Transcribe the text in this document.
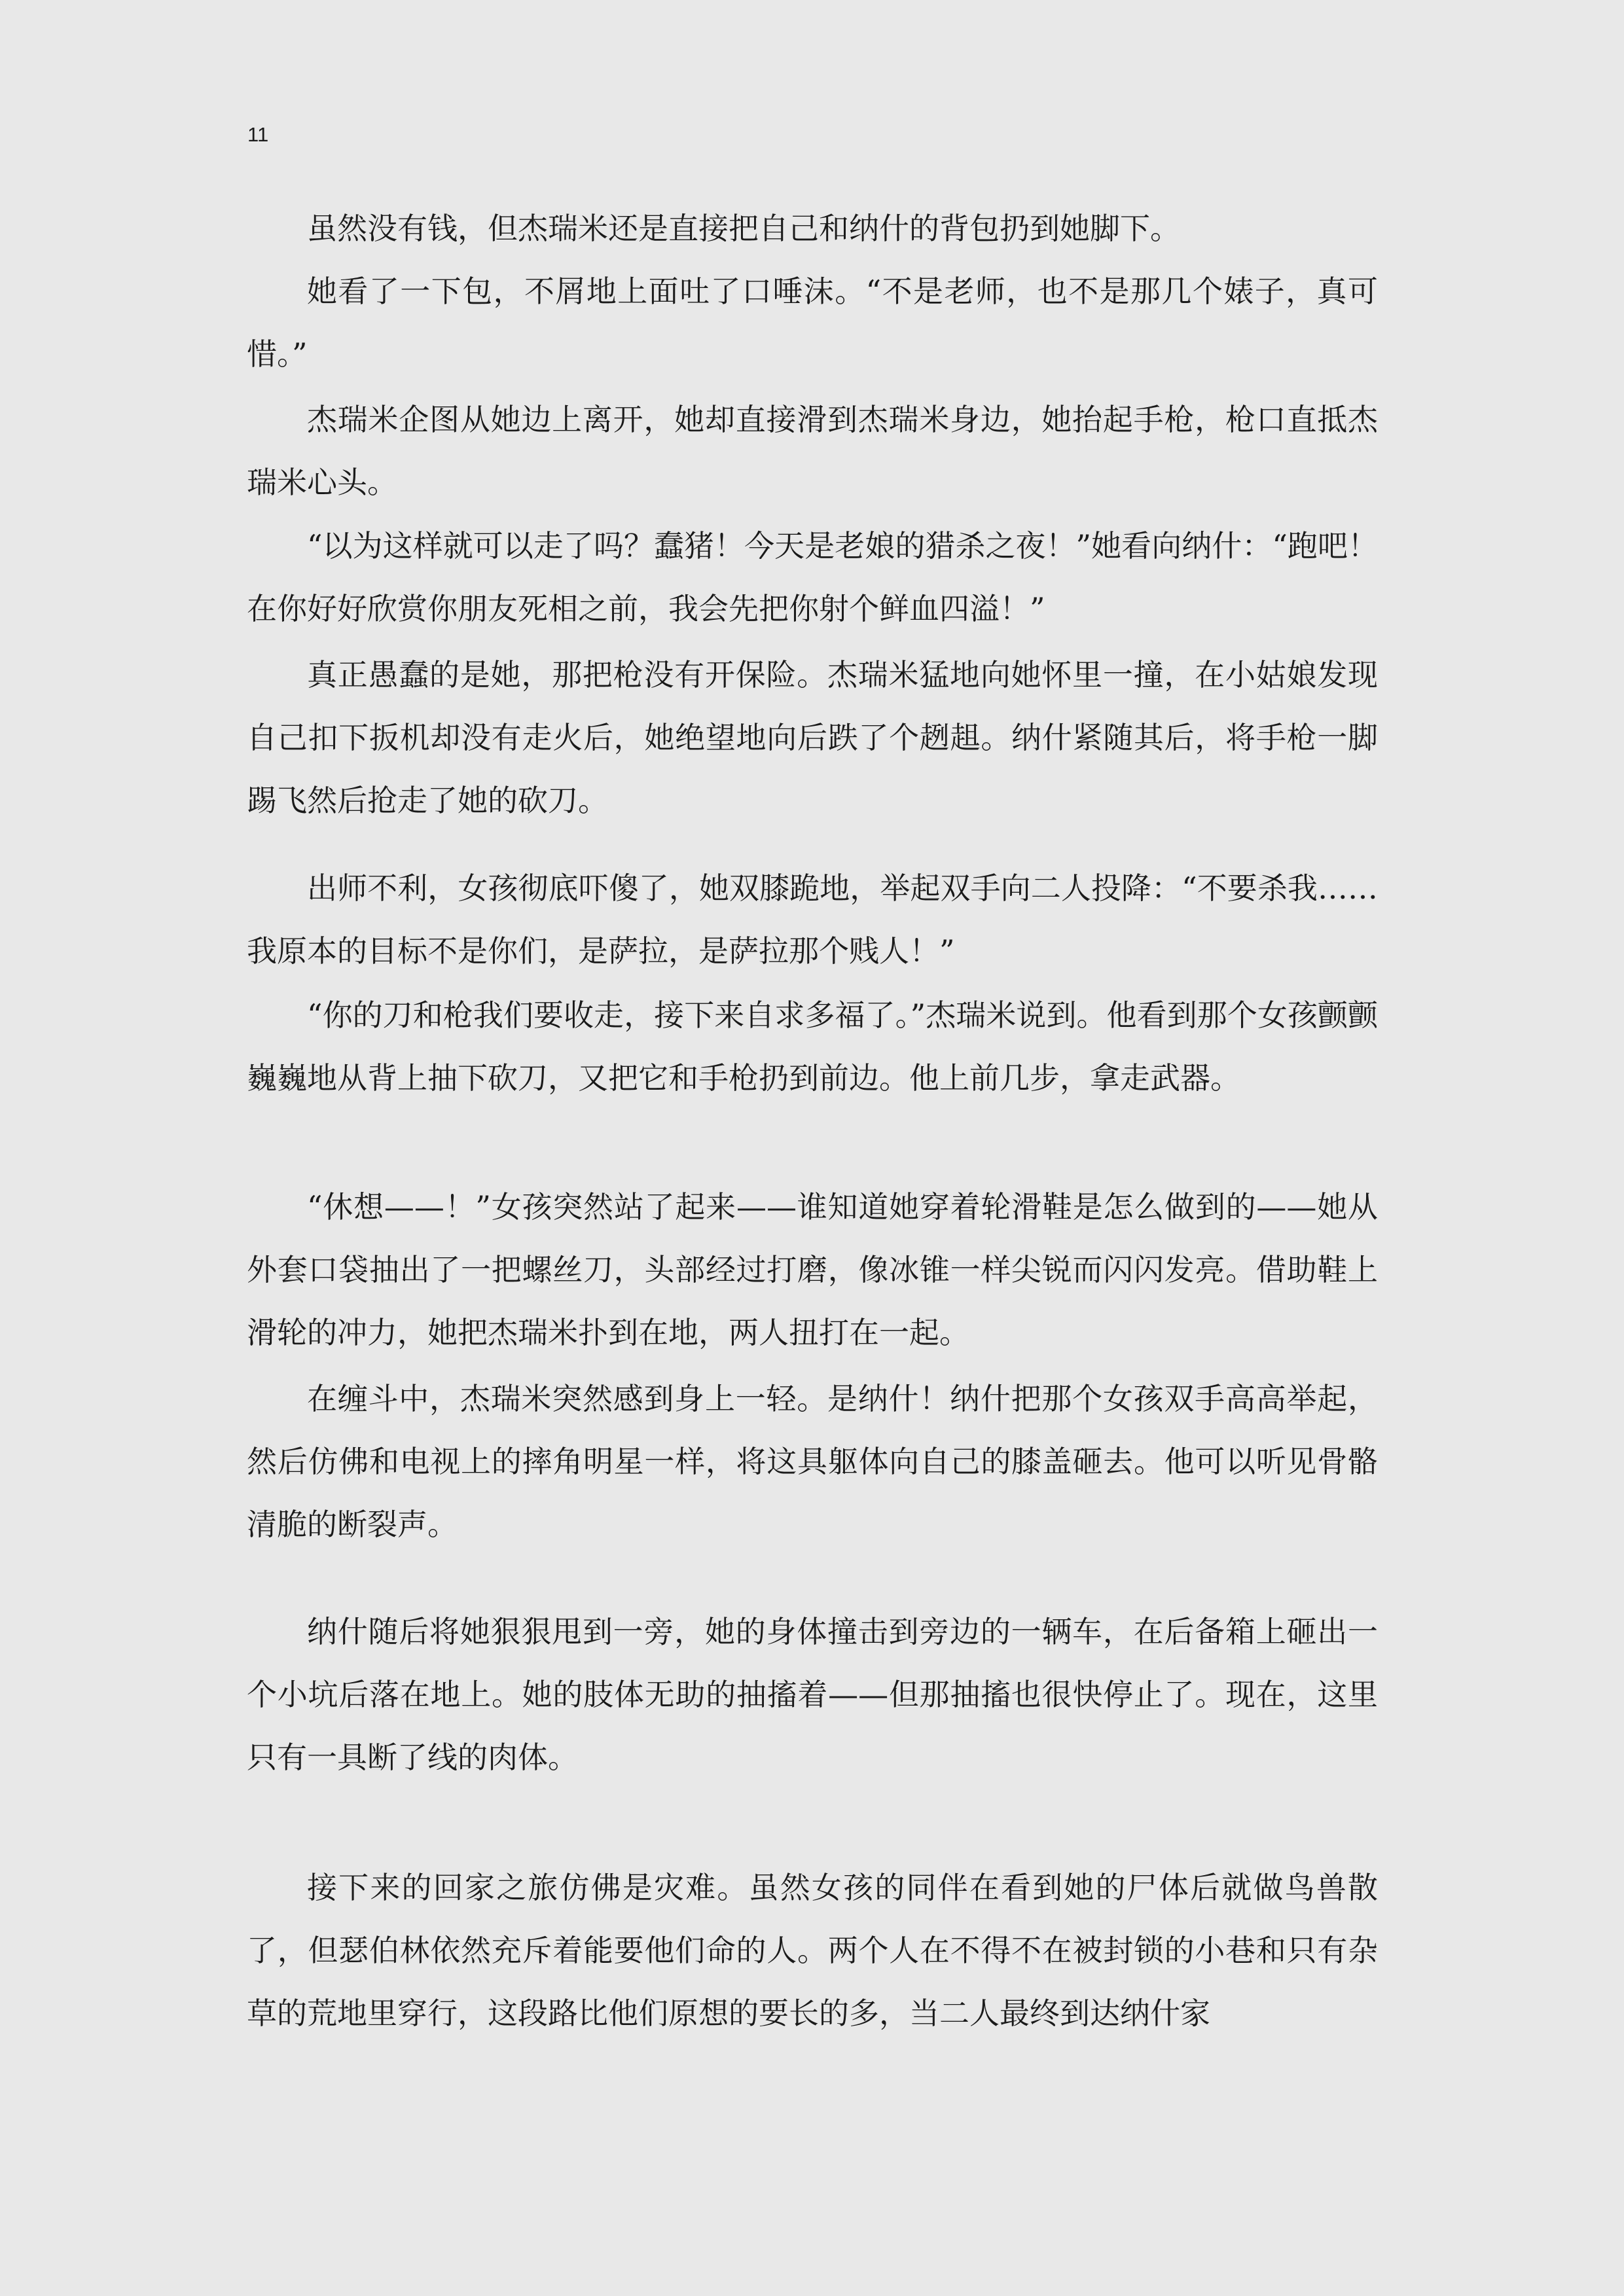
11

虽然没有钱，但杰瑞米还是直接把自己和纳什的背包扔到她脚下。

她看了一下包，不屑地上面吐了口唾沫。“不是老师，也不是那几个婊子，真可惜。”

杰瑞米企图从她边上离开，她却直接滑到杰瑞米身边，她抬起手枪，枪口直抵杰瑞米心头。

“以为这样就可以走了吗？蠢猪！今天是老娘的猎杀之夜！”她看向纳什：“跑吧！在你好好欣赏你朋友死相之前，我会先把你射个鲜血四溢！”

真正愚蠢的是她，那把枪没有开保险。杰瑞米猛地向她怀里一撞，在小姑娘发现自己扣下扳机却没有走火后，她绝望地向后跌了个趔趄。纳什紧随其后，将手枪一脚踢飞然后抢走了她的砍刀。

出师不利，女孩彻底吓傻了，她双膝跪地，举起双手向二人投降：“不要杀我……我原本的目标不是你们，是萨拉，是萨拉那个贱人！”

“你的刀和枪我们要收走，接下来自求多福了。”杰瑞米说到。他看到那个女孩颤颤巍巍地从背上抽下砍刀，又把它和手枪扔到前边。他上前几步，拿走武器。

“休想——！”女孩突然站了起来——谁知道她穿着轮滑鞋是怎么做到的——她从外套口袋抽出了一把螺丝刀，头部经过打磨，像冰锥一样尖锐而闪闪发亮。借助鞋上滑轮的冲力，她把杰瑞米扑到在地，两人扭打在一起。

在缠斗中，杰瑞米突然感到身上一轻。是纳什！纳什把那个女孩双手高高举起，然后仿佛和电视上的摔角明星一样，将这具躯体向自己的膝盖砸去。他可以听见骨骼清脆的断裂声。

纳什随后将她狠狠甩到一旁，她的身体撞击到旁边的一辆车，在后备箱上砸出一个小坑后落在地上。她的肢体无助的抽搐着——但那抽搐也很快停止了。现在，这里只有一具断了线的肉体。

接下来的回家之旅仿佛是灾难。虽然女孩的同伴在看到她的尸体后就做鸟兽散了，但瑟伯林依然充斥着能要他们命的人。两个人在不得不在被封锁的小巷和只有杂草的荒地里穿行，这段路比他们原想的要长的多，当二人最终到达纳什家
